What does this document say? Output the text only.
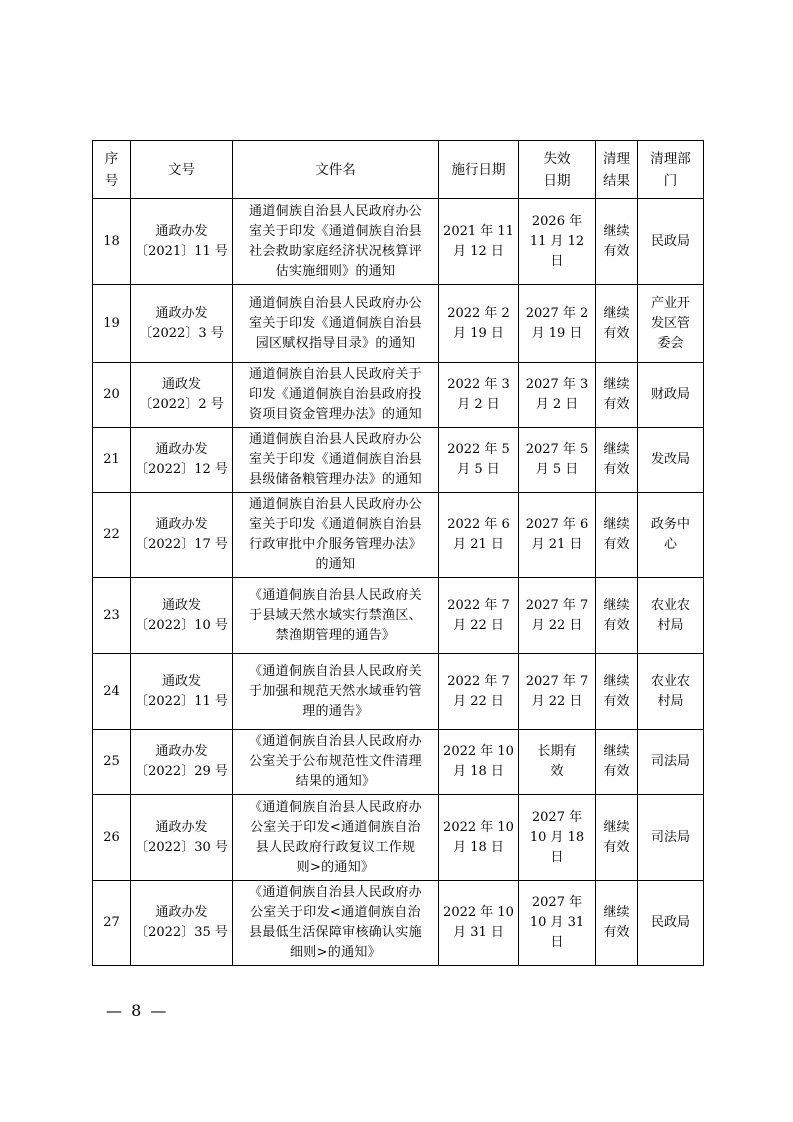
序
号	文号	文件名	施行日期	失效
日期	清理
结果	清理部
门

18	通政办发
〔2021〕11 号	通道侗族自治县人民政府办公
室关于印发《通道侗族自治县
社会救助家庭经济状况核算评
估实施细则》的通知	2021 年 11
月 12 日	2026 年
11 月 12
日	继续
有效	民政局

19	通政办发
〔2022〕3 号	通道侗族自治县人民政府办公
室关于印发《通道侗族自治县
园区赋权指导目录》的通知	2022 年 2
月 19 日	2027 年 2
月 19 日	继续
有效	产业开
发区管
委会

20	通政发
〔2022〕2 号	通道侗族自治县人民政府关于
印发《通道侗族自治县政府投
资项目资金管理办法》的通知	2022 年 3
月 2 日	2027 年 3
月 2 日	继续
有效	财政局

21	通政办发
〔2022〕12 号	通道侗族自治县人民政府办公
室关于印发《通道侗族自治县
县级储备粮管理办法》的通知	2022 年 5
月 5 日	2027 年 5
月 5 日	继续
有效	发改局

22	通政办发
〔2022〕17 号	通道侗族自治县人民政府办公
室关于印发《通道侗族自治县
行政审批中介服务管理办法》
的通知	2022 年 6
月 21 日	2027 年 6
月 21 日	继续
有效	政务中
心

23	通政发
〔2022〕10 号	《通道侗族自治县人民政府关
于县域天然水域实行禁渔区、
禁渔期管理的通告》	2022 年 7
月 22 日	2027 年 7
月 22 日	继续
有效	农业农
村局

24	通政发
〔2022〕11 号	《通道侗族自治县人民政府关
于加强和规范天然水域垂钓管
理的通告》	2022 年 7
月 22 日	2027 年 7
月 22 日	继续
有效	农业农
村局

25	通政办发
〔2022〕29 号	《通道侗族自治县人民政府办
公室关于公布规范性文件清理
结果的通知》	2022 年 10
月 18 日	长期有
效	继续
有效	司法局

26	通政办发
〔2022〕30 号	《通道侗族自治县人民政府办
公室关于印发<通道侗族自治
县人民政府行政复议工作规
则>的通知》	2022 年 10
月 18 日	2027 年
10 月 18
日	继续
有效	司法局

27	通政办发
〔2022〕35 号	《通道侗族自治县人民政府办
公室关于印发<通道侗族自治
县最低生活保障审核确认实施
细则>的通知》	2022 年 10
月 31 日	2027 年
10 月 31
日	继续
有效	民政局
— 8 —
